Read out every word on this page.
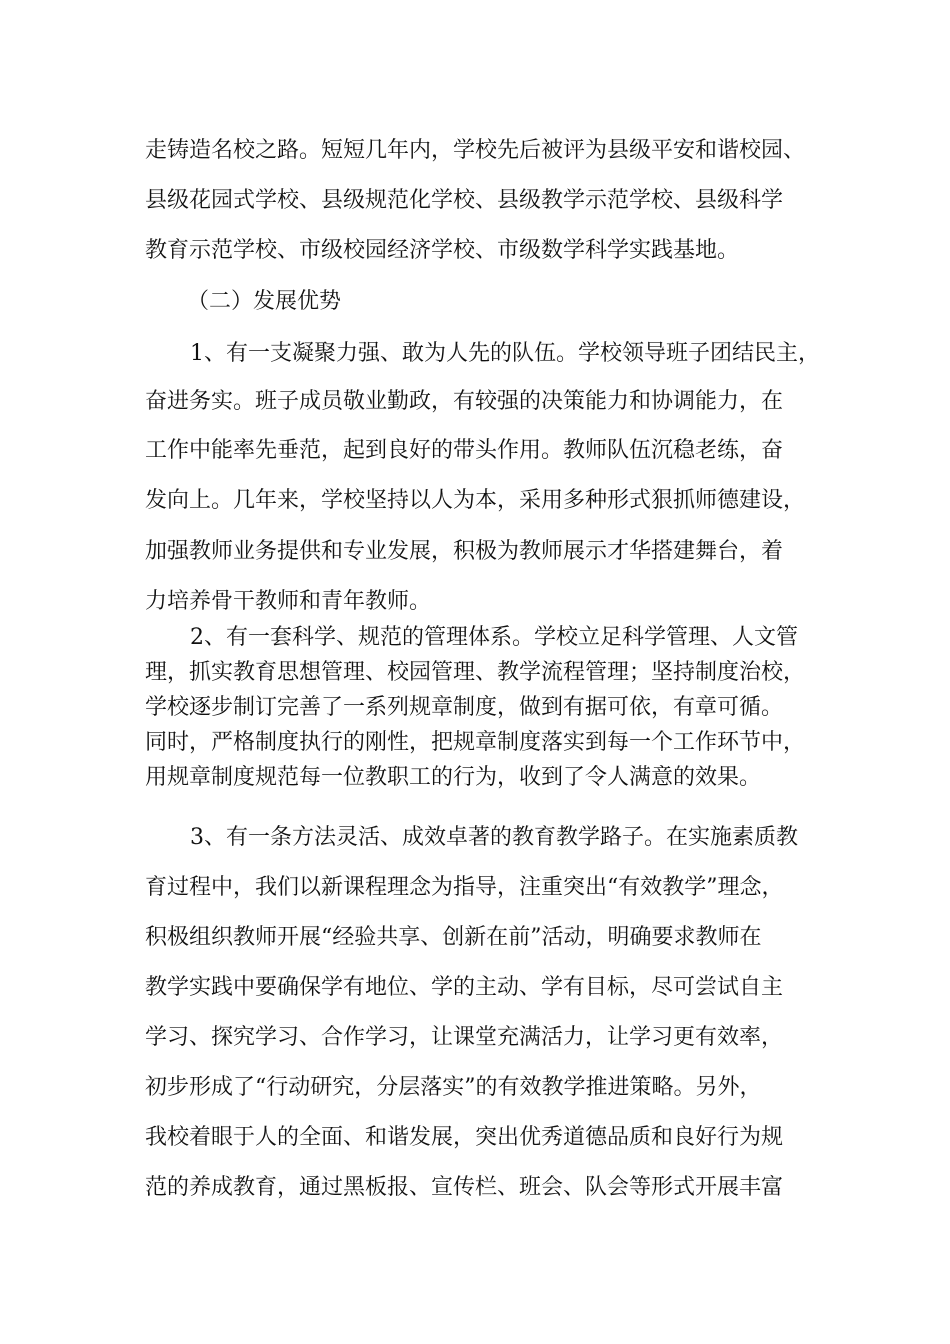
走铸造名校之路。短短几年内，学校先后被评为县级平安和谐校园、
县级花园式学校、县级规范化学校、县级教学示范学校、县级科学
教育示范学校、市级校园经济学校、市级数学科学实践基地。
（二）发展优势
1、有一支凝聚力强、敢为人先的队伍。学校领导班子团结民主，
奋进务实。班子成员敬业勤政，有较强的决策能力和协调能力，在
工作中能率先垂范，起到良好的带头作用。教师队伍沉稳老练，奋
发向上。几年来，学校坚持以人为本，采用多种形式狠抓师德建设，
加强教师业务提供和专业发展，积极为教师展示才华搭建舞台，着
力培养骨干教师和青年教师。
2、有一套科学、规范的管理体系。学校立足科学管理、人文管
理，抓实教育思想管理、校园管理、教学流程管理；坚持制度治校，
学校逐步制订完善了一系列规章制度，做到有据可依，有章可循。
同时，严格制度执行的刚性，把规章制度落实到每一个工作环节中，
用规章制度规范每一位教职工的行为，收到了令人满意的效果。
3、有一条方法灵活、成效卓著的教育教学路子。在实施素质教
育过程中，我们以新课程理念为指导，注重突出“有效教学”理念，
积极组织教师开展“经验共享、创新在前”活动，明确要求教师在
教学实践中要确保学有地位、学的主动、学有目标，尽可尝试自主
学习、探究学习、合作学习，让课堂充满活力，让学习更有效率，
初步形成了“行动研究，分层落实”的有效教学推进策略。另外，
我校着眼于人的全面、和谐发展，突出优秀道德品质和良好行为规
范的养成教育，通过黑板报、宣传栏、班会、队会等形式开展丰富
